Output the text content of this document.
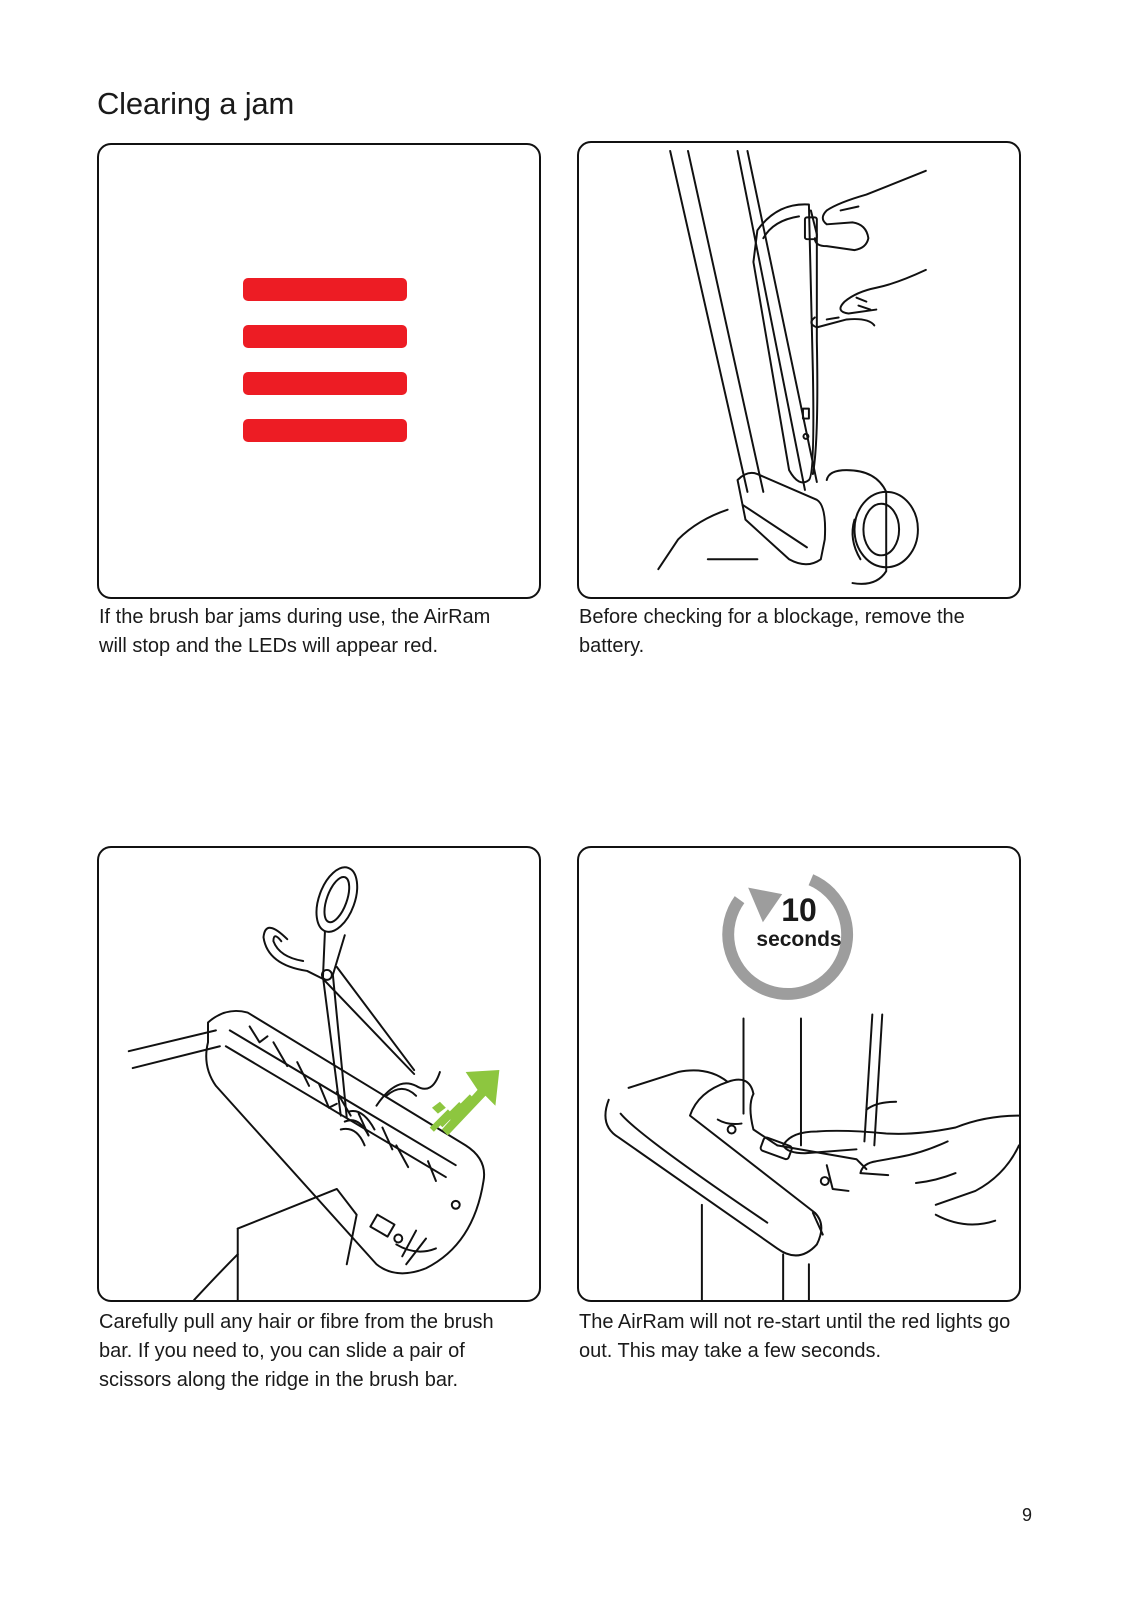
Clearing a jam

If the brush bar jams during use, the AirRam will stop and the LEDs will appear red.

Before checking for a blockage, remove the battery.

Carefully pull any hair or fibre from the brush bar. If you need to, you can slide a pair of scissors along the ridge in the brush bar.

10
seconds

The AirRam will not re-start until the red lights go out. This may take a few seconds.

9
